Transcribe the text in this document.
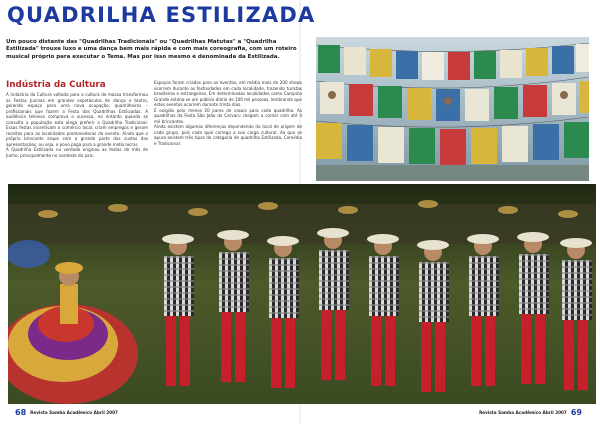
QUADRILHA ESTILIZADA

Um pouco distante das "Quadrilhas Tradicionais" ou "Quadrilhas Matutas" a "Quadrilha Estilizada" trouxe luxo e uma dança bem mais rápida e com mais coreografia, com um roteiro musical próprio para executar o Tema. Mas por isso mesmo é denominada da Estilizada.

Indústria da Cultura

A Indústria da Cultura voltada para a cultura de massa transformou as Festas Juninas em grandes espetáculos de dança e teatro, gerando espaço para uma nova ocupação: quadrilheiros – profissionais que fazem a Festa das Quadrilhas Estilizadas. A audiência televisa comprova o sucesso, no entanto quando se consulta a população esta alega preferir a Quadrilha Tradicional. Essas festas incentivam o comércio local, criam empregos e geram receitas para as localidades promovedoras do evento. Ainda que o próprio brincante arque com a grande parte dos custos das apresentações, ou seja, o povo paga para a grande mídia lucrar.

A Quadrilha Estilizada na verdade originou as festas do mês de Junho, principalmente no nordeste do país.

Espaços foram criados para os eventos, em média mais de 200 shows ocorrem durante as festividades em cada localidade, trazendo turistas brasileiros e estrangeiros. Em determinadas localidades como Campina Grande estima-se um público diário de 100 mil pessoas, lembrando que estes eventos ocorrem durante trinta dias.

É exigido pelo menos 20 pares de casais para cada quadrilha. As quadrilhas da Festa São João do Carvaru chegam a contar com até 4 mil brincantes.

Ainda existem algumas diferenças dependendo do local de origem de cada grupo, pois cada qual carrega a sua carga cultural. Ao que se apura existem três tipos de categoria de quadrilha Estilizada, Comédia e Tradicional.

68 Revista Samba Acadêmico Abril 2007	Revista Samba Acadêmico Abril 2007 69
